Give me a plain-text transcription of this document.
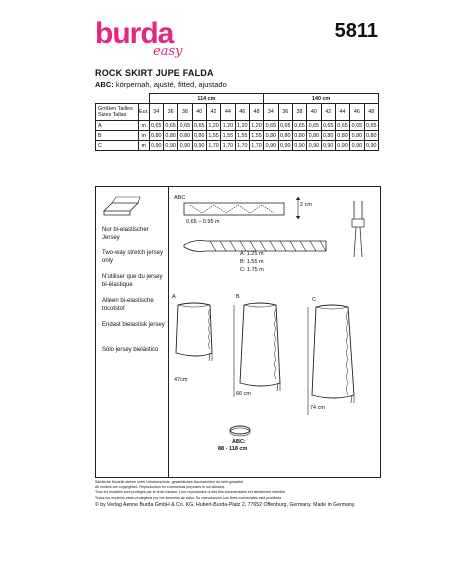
burda
easy
5811
ROCK SKIRT JUPE FALDA
ABC: körpernah, ajusté, fitted, ajustado
		114 cm								140 cm							
Größen Tailles
Sizes Tallas	Eur.	34	36	38	40	42	44	46	48	34	36	38	40	42	44	46	48
A	m	0,65	0,65	0,65	0,65	1,20	1,20	1,20	1,20	0,65	0,65	0,65	0,65	0,65	0,65	0,65	0,65
B	m	0,80	0,80	0,80	0,80	1,55	1,55	1,55	1,55	0,80	0,80	0,80	0,80	0,80	0,80	0,80	0,80
C	m	0,90	0,90	0,90	0,90	1,70	1,70	1,70	1,70	0,90	0,90	0,90	0,90	0,90	0,90	0,90	0,90
Nur bi-elastischer Jersey
Two-way stretch jersey only
N'utiliser que du jersey bi-élastique
Alleen bi-elastische tricotstof
Endast bielastisk jersey
Sólo jersey bielástico
ABC
2 cm
0.65 – 0.95 m
A: 1.25 m
B: 1.55 m
C: 1.75 m
A	B	C
47cm
66 cm
74 cm
ABC:
88 - 118 cm
Sämtliche Modelle stehen unter Urheberschutz, gewerbliches Nacharbeiten ist nicht gestattet.
All models are copyrighted. Reproduction for commercial purposes is not allowed.
Tous les modèles sont protégés par le droit d'auteur. Leur reproduction à des fins commerciales est strictement interdite.
Todos los modelos están protegidos por los derechos de autor. Su reproducción con fines comerciales está prohibida.
© by Verlag Aenne Burda GmbH & Co. KG, Hubert-Burda-Platz 2, 77652 Offenburg, Germany. Made in Germany.
